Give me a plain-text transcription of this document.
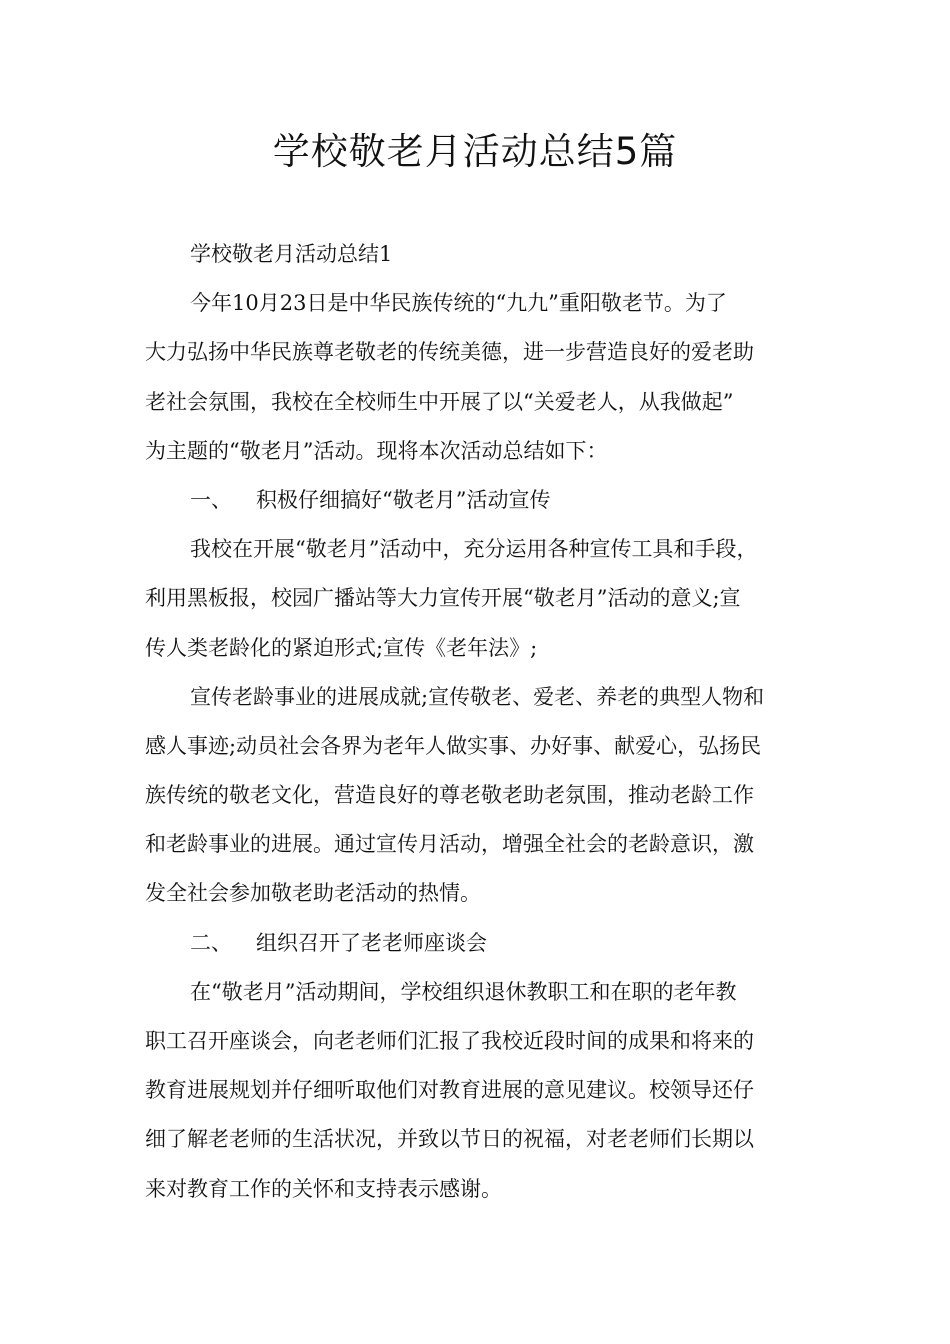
学校敬老月活动总结5篇
学校敬老月活动总结1
今年10月23日是中华民族传统的“九九”重阳敬老节。为了
大力弘扬中华民族尊老敬老的传统美德，进一步营造良好的爱老助
老社会氛围，我校在全校师生中开展了以“关爱老人，从我做起”
为主题的“敬老月”活动。现将本次活动总结如下：
一、 积极仔细搞好“敬老月”活动宣传
我校在开展“敬老月”活动中，充分运用各种宣传工具和手段，
利用黑板报，校园广播站等大力宣传开展“敬老月”活动的意义;宣
传人类老龄化的紧迫形式;宣传《老年法》;
宣传老龄事业的进展成就;宣传敬老、爱老、养老的典型人物和
感人事迹;动员社会各界为老年人做实事、办好事、献爱心，弘扬民
族传统的敬老文化，营造良好的尊老敬老助老氛围，推动老龄工作
和老龄事业的进展。通过宣传月活动，增强全社会的老龄意识，激
发全社会参加敬老助老活动的热情。
二、 组织召开了老老师座谈会
在“敬老月”活动期间，学校组织退休教职工和在职的老年教
职工召开座谈会，向老老师们汇报了我校近段时间的成果和将来的
教育进展规划并仔细听取他们对教育进展的意见建议。校领导还仔
细了解老老师的生活状况，并致以节日的祝福，对老老师们长期以
来对教育工作的关怀和支持表示感谢。
